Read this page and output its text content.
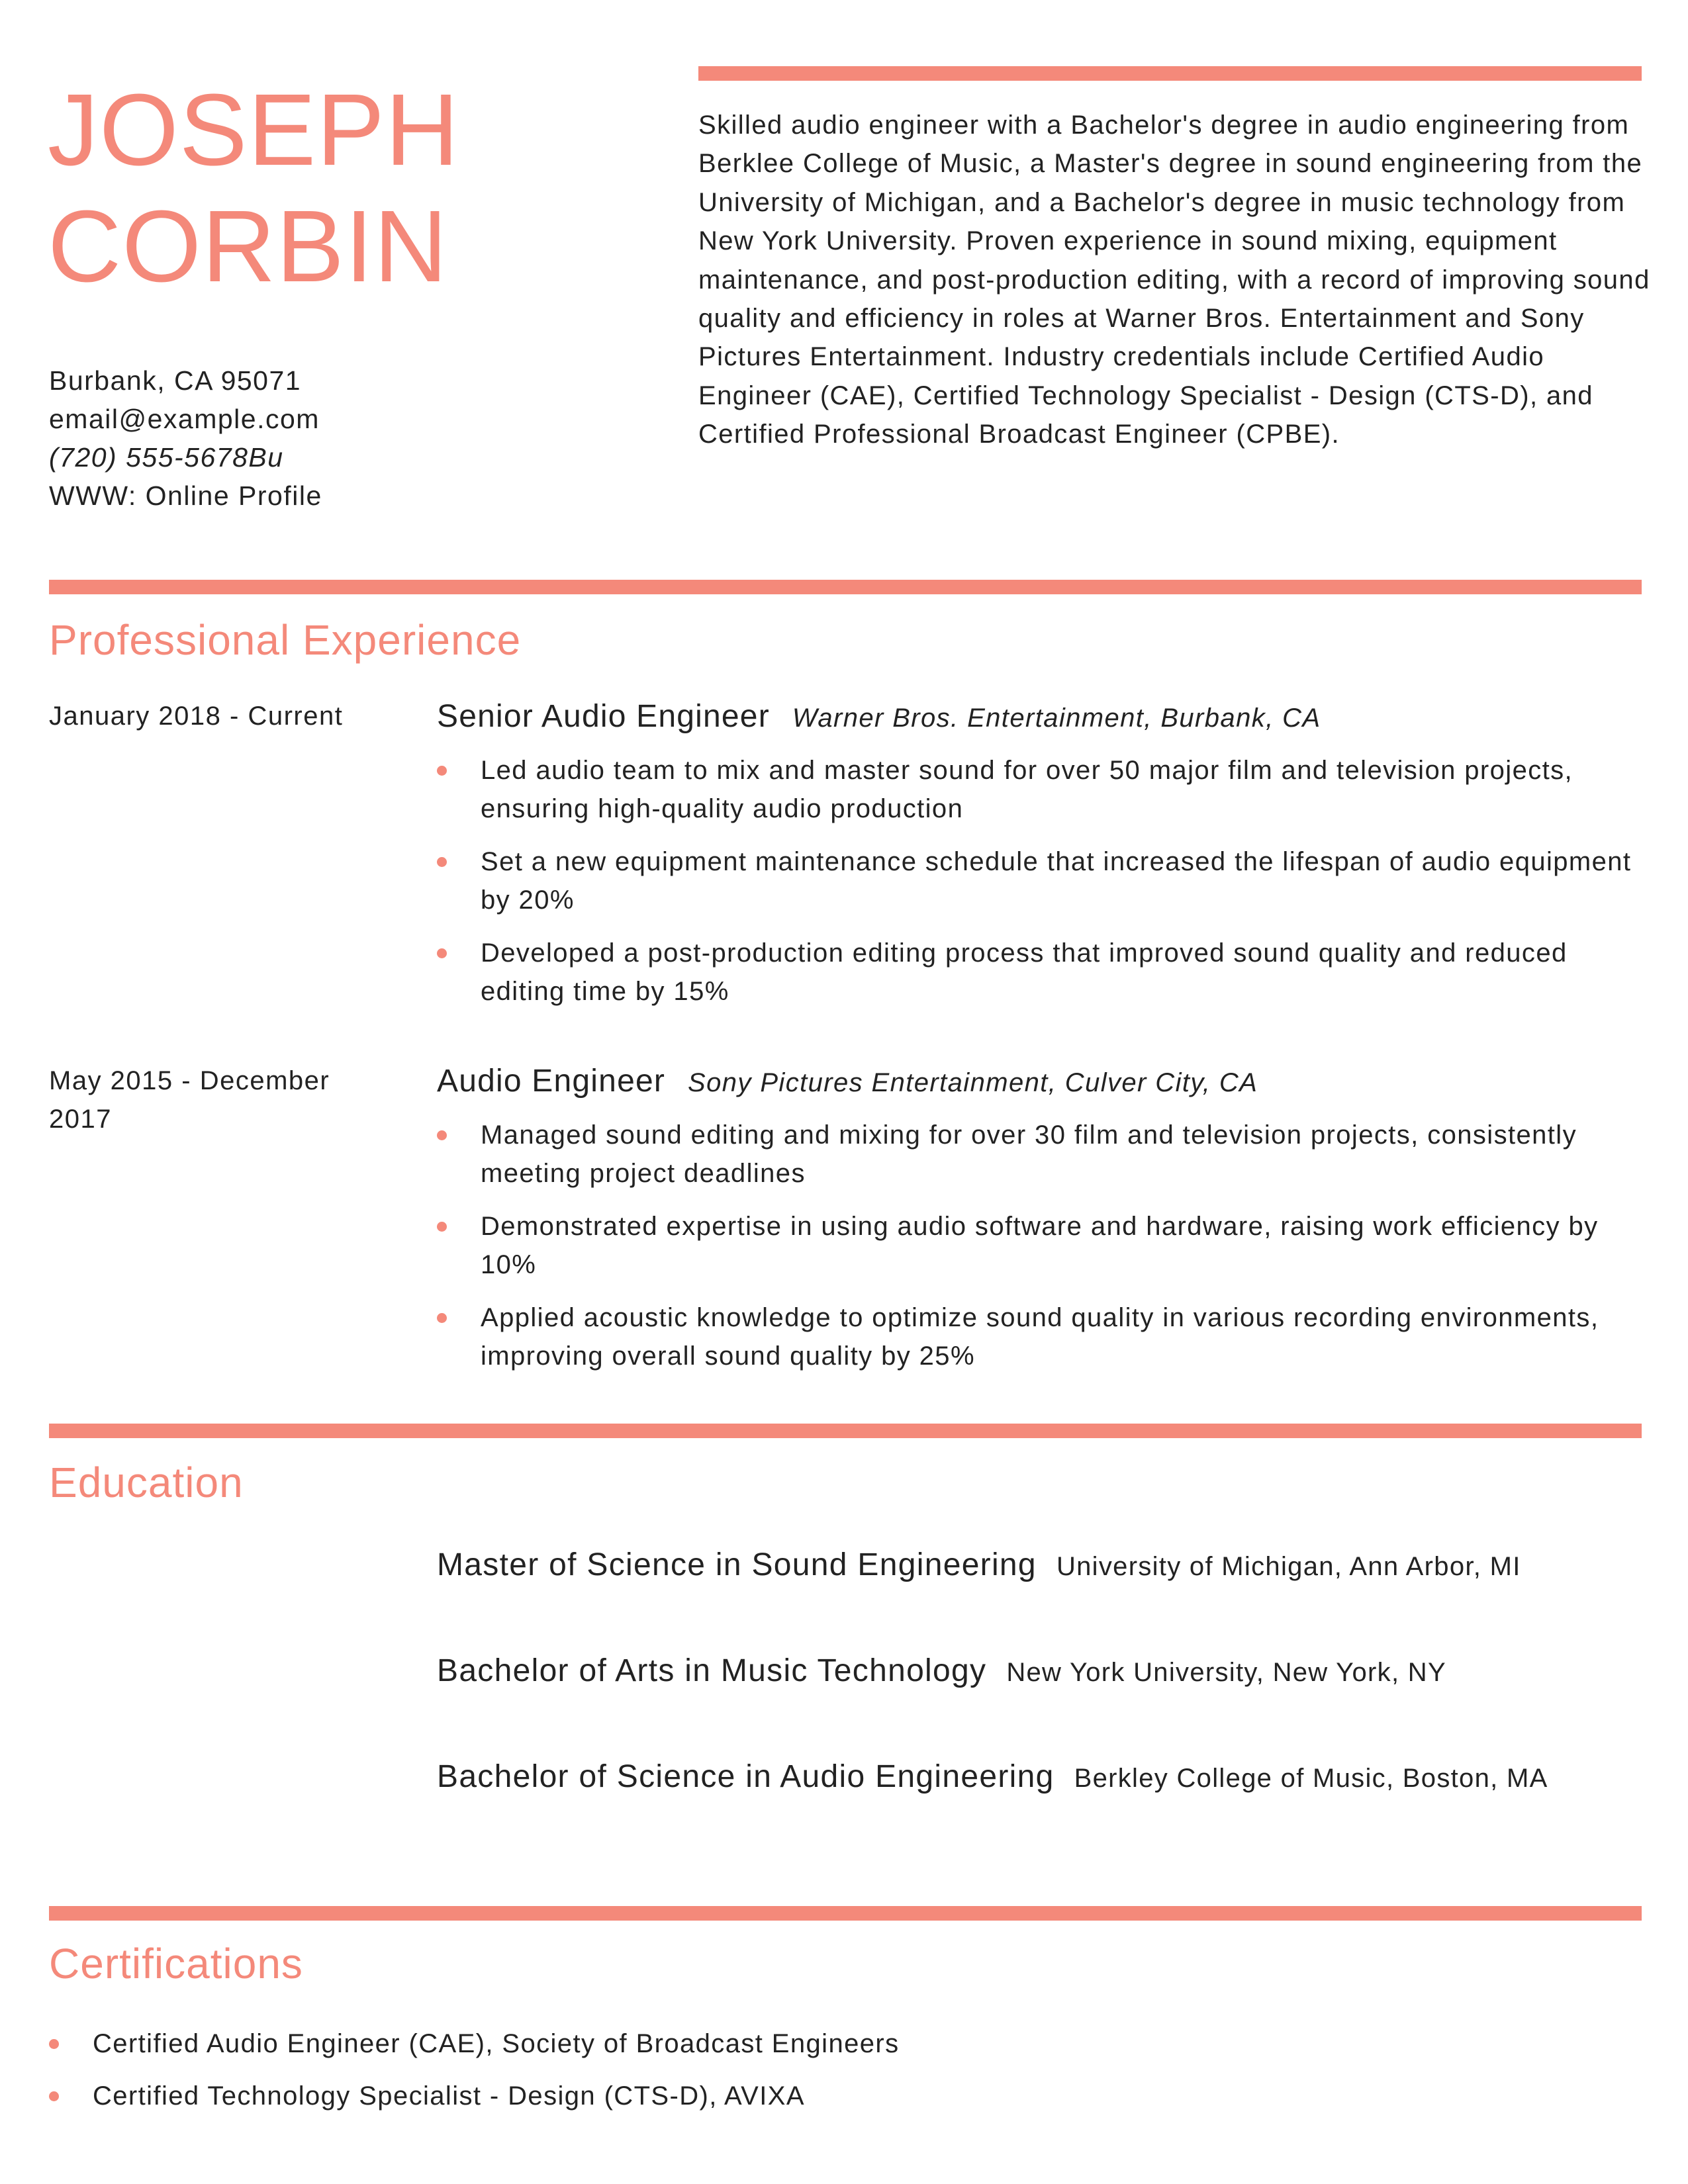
JOSEPH
CORBIN
Burbank, CA 95071
email@example.com
(720) 555-5678Bu
WWW: Online Profile
Skilled audio engineer with a Bachelor's degree in audio engineering from Berklee College of Music, a Master's degree in sound engineering from the University of Michigan, and a Bachelor's degree in music technology from New York University. Proven experience in sound mixing, equipment maintenance, and post-production editing, with a record of improving sound quality and efficiency in roles at Warner Bros. Entertainment and Sony Pictures Entertainment. Industry credentials include Certified Audio Engineer (CAE), Certified Technology Specialist - Design (CTS-D), and Certified Professional Broadcast Engineer (CPBE).
Professional Experience
January 2018 - Current	Senior Audio Engineer Warner Bros. Entertainment, Burbank, CA
Led audio team to mix and master sound for over 50 major film and television projects, ensuring high-quality audio production
Set a new equipment maintenance schedule that increased the lifespan of audio equipment by 20%
Developed a post-production editing process that improved sound quality and reduced editing time by 15%
May 2015 - December 2017
Audio Engineer Sony Pictures Entertainment, Culver City, CA
Managed sound editing and mixing for over 30 film and television projects, consistently meeting project deadlines
Demonstrated expertise in using audio software and hardware, raising work efficiency by 10%
Applied acoustic knowledge to optimize sound quality in various recording environments, improving overall sound quality by 25%
Education
Master of Science in Sound Engineering University of Michigan, Ann Arbor, MI
Bachelor of Arts in Music Technology New York University, New York, NY
Bachelor of Science in Audio Engineering Berkley College of Music, Boston, MA
Certifications
Certified Audio Engineer (CAE), Society of Broadcast Engineers
Certified Technology Specialist - Design (CTS-D), AVIXA
